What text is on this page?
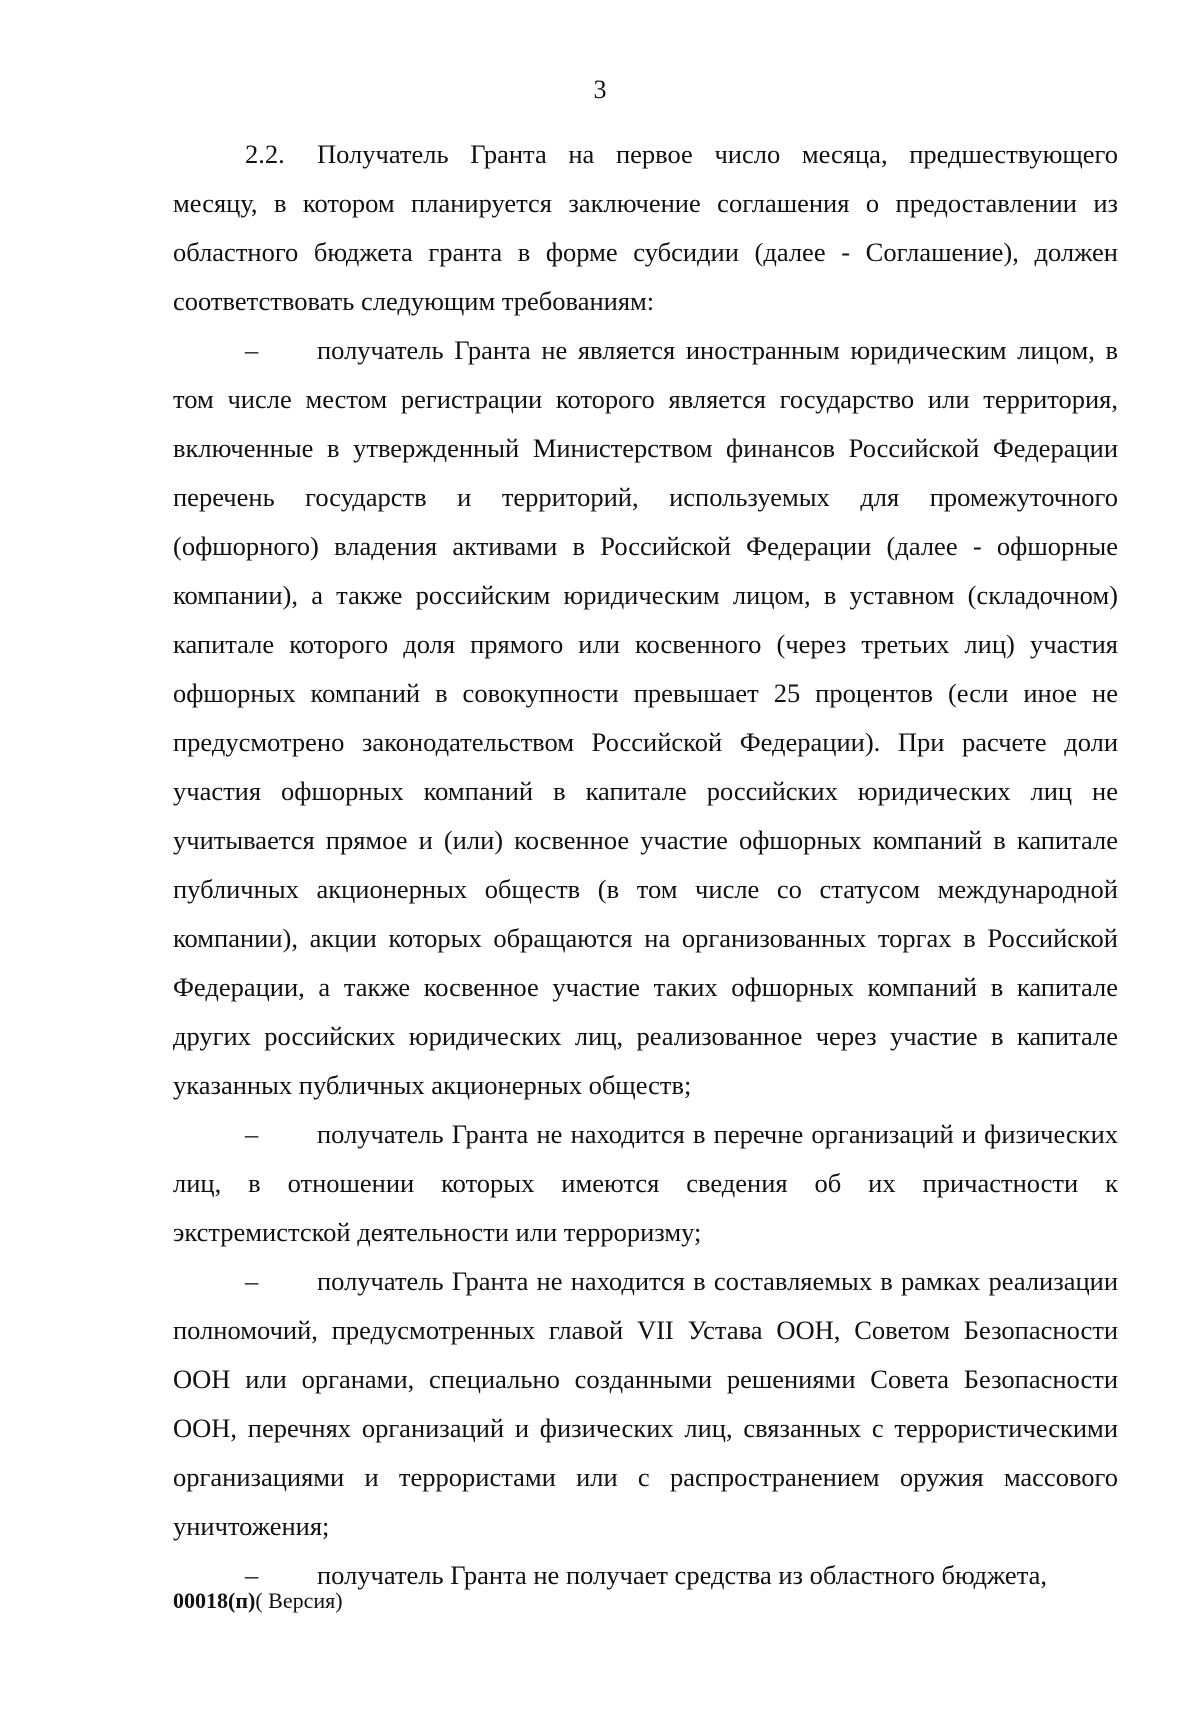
3

2.2. Получатель Гранта на первое число месяца, предшествующего месяцу, в котором планируется заключение соглашения о предоставлении из областного бюджета гранта в форме субсидии (далее - Соглашение), должен соответствовать следующим требованиям:

– получатель Гранта не является иностранным юридическим лицом, в том числе местом регистрации которого является государство или территория, включенные в утвержденный Министерством финансов Российской Федерации перечень государств и территорий, используемых для промежуточного (офшорного) владения активами в Российской Федерации (далее - офшорные компании), а также российским юридическим лицом, в уставном (складочном) капитале которого доля прямого или косвенного (через третьих лиц) участия офшорных компаний в совокупности превышает 25 процентов (если иное не предусмотрено законодательством Российской Федерации). При расчете доли участия офшорных компаний в капитале российских юридических лиц не учитывается прямое и (или) косвенное участие офшорных компаний в капитале публичных акционерных обществ (в том числе со статусом международной компании), акции которых обращаются на организованных торгах в Российской Федерации, а также косвенное участие таких офшорных компаний в капитале других российских юридических лиц, реализованное через участие в капитале указанных публичных акционерных обществ;

– получатель Гранта не находится в перечне организаций и физических лиц, в отношении которых имеются сведения об их причастности к экстремистской деятельности или терроризму;

– получатель Гранта не находится в составляемых в рамках реализации полномочий, предусмотренных главой VII Устава ООН, Советом Безопасности ООН или органами, специально созданными решениями Совета Безопасности ООН, перечнях организаций и физических лиц, связанных с террористическими организациями и террористами или с распространением оружия массового уничтожения;

– получатель Гранта не получает средства из областного бюджета,

00018(п)( Версия)
